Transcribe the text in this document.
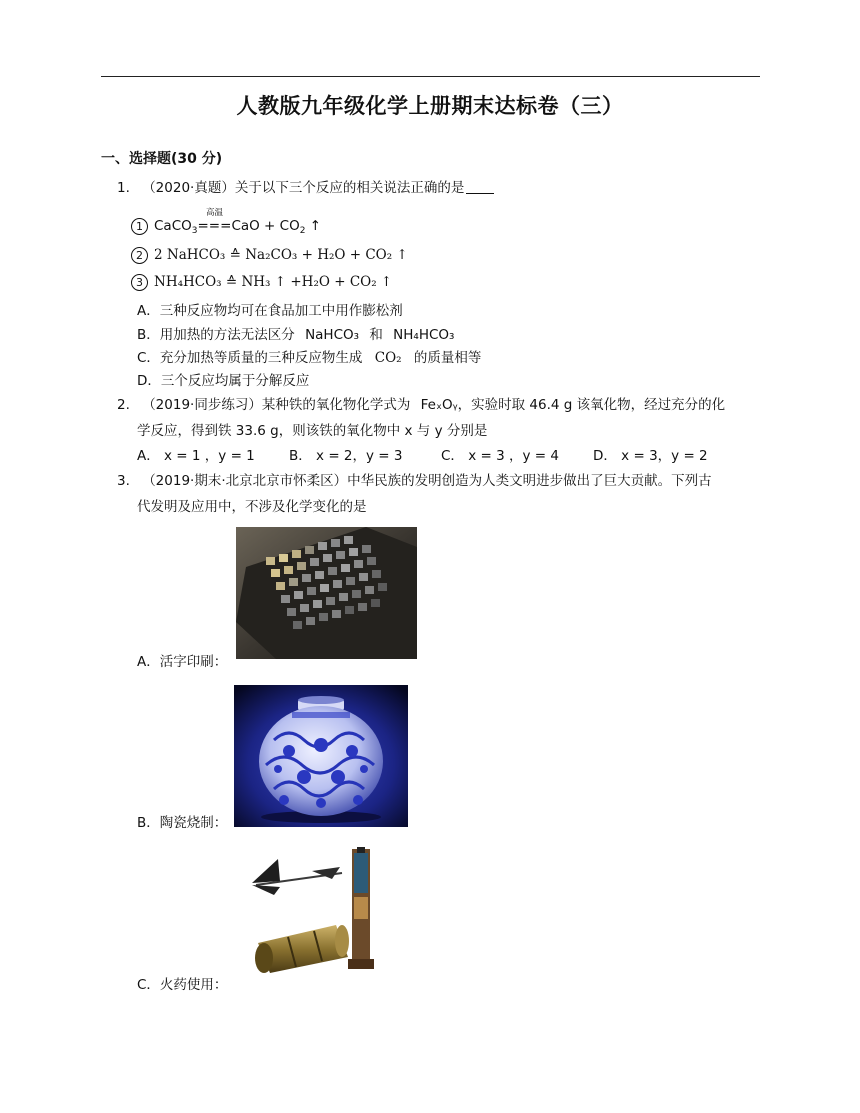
人教版九年级化学上册期末达标卷（三）
一、选择题(30 分)
1. （2020·真题）关于以下三个反应的相关说法正确的是
1 CaCO$_3$
高温
$===CaO + CO_2$ ↑
2 2 NaHCO₃ ≙ Na₂CO₃ + H₂O + CO₂ ↑
3 NH₄HCO₃ ≙ NH₃ ↑ +H₂O + CO₂ ↑
A．三种反应物均可在食品加工中用作膨松剂
B．用加热的方法无法区分 NaHCO₃ 和 NH₄HCO₃
C．充分加热等质量的三种反应物生成 CO₂ 的质量相等
D．三个反应均属于分解反应
2. （2019·同步练习）某种铁的氧化物化学式为 FeₓOᵧ，实验时取 46.4 g 该氧化物，经过充分的化
学反应，得到铁 33.6 g，则该铁的氧化物中 x 与 y 分别是
A． x = 1 ，y = 1	B． x = 2，y = 3	C． x = 3 ，y = 4	D． x = 3，y = 2
3. （2019·期末·北京北京市怀柔区）中华民族的发明创造为人类文明进步做出了巨大贡献。下列古
代发明及应用中，不涉及化学变化的是
A．活字印刷：
B．陶瓷烧制：
C．火药使用：
